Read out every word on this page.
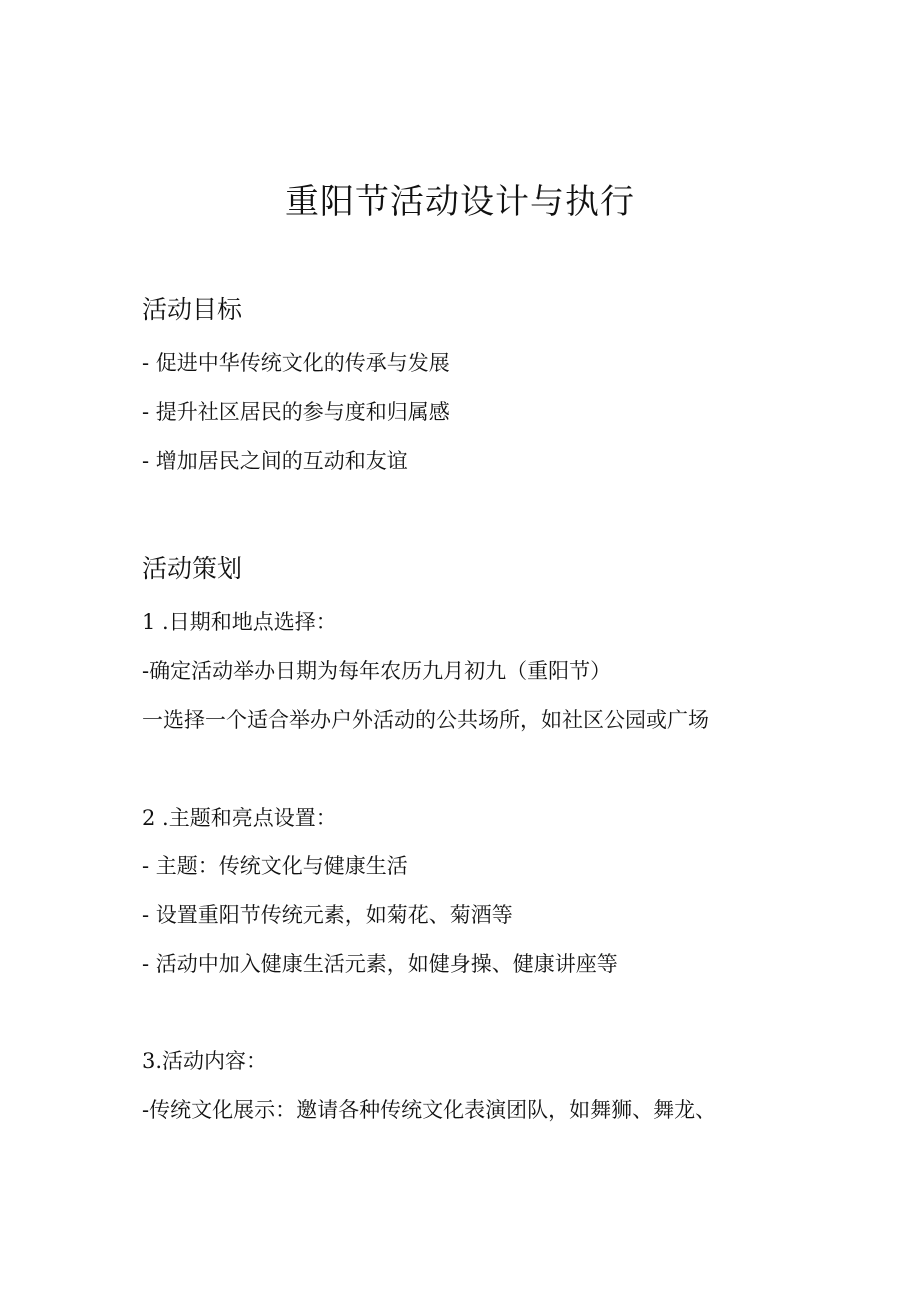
重阳节活动设计与执行
活动目标

- 促进中华传统文化的传承与发展

- 提升社区居民的参与度和归属感

- 增加居民之间的互动和友谊

活动策划

1 .日期和地点选择：

-确定活动举办日期为每年农历九月初九（重阳节）

一选择一个适合举办户外活动的公共场所，如社区公园或广场

2 .主题和亮点设置：

- 主题：传统文化与健康生活

- 设置重阳节传统元素，如菊花、菊酒等

- 活动中加入健康生活元素，如健身操、健康讲座等

3.活动内容：

-传统文化展示：邀请各种传统文化表演团队，如舞狮、舞龙、
